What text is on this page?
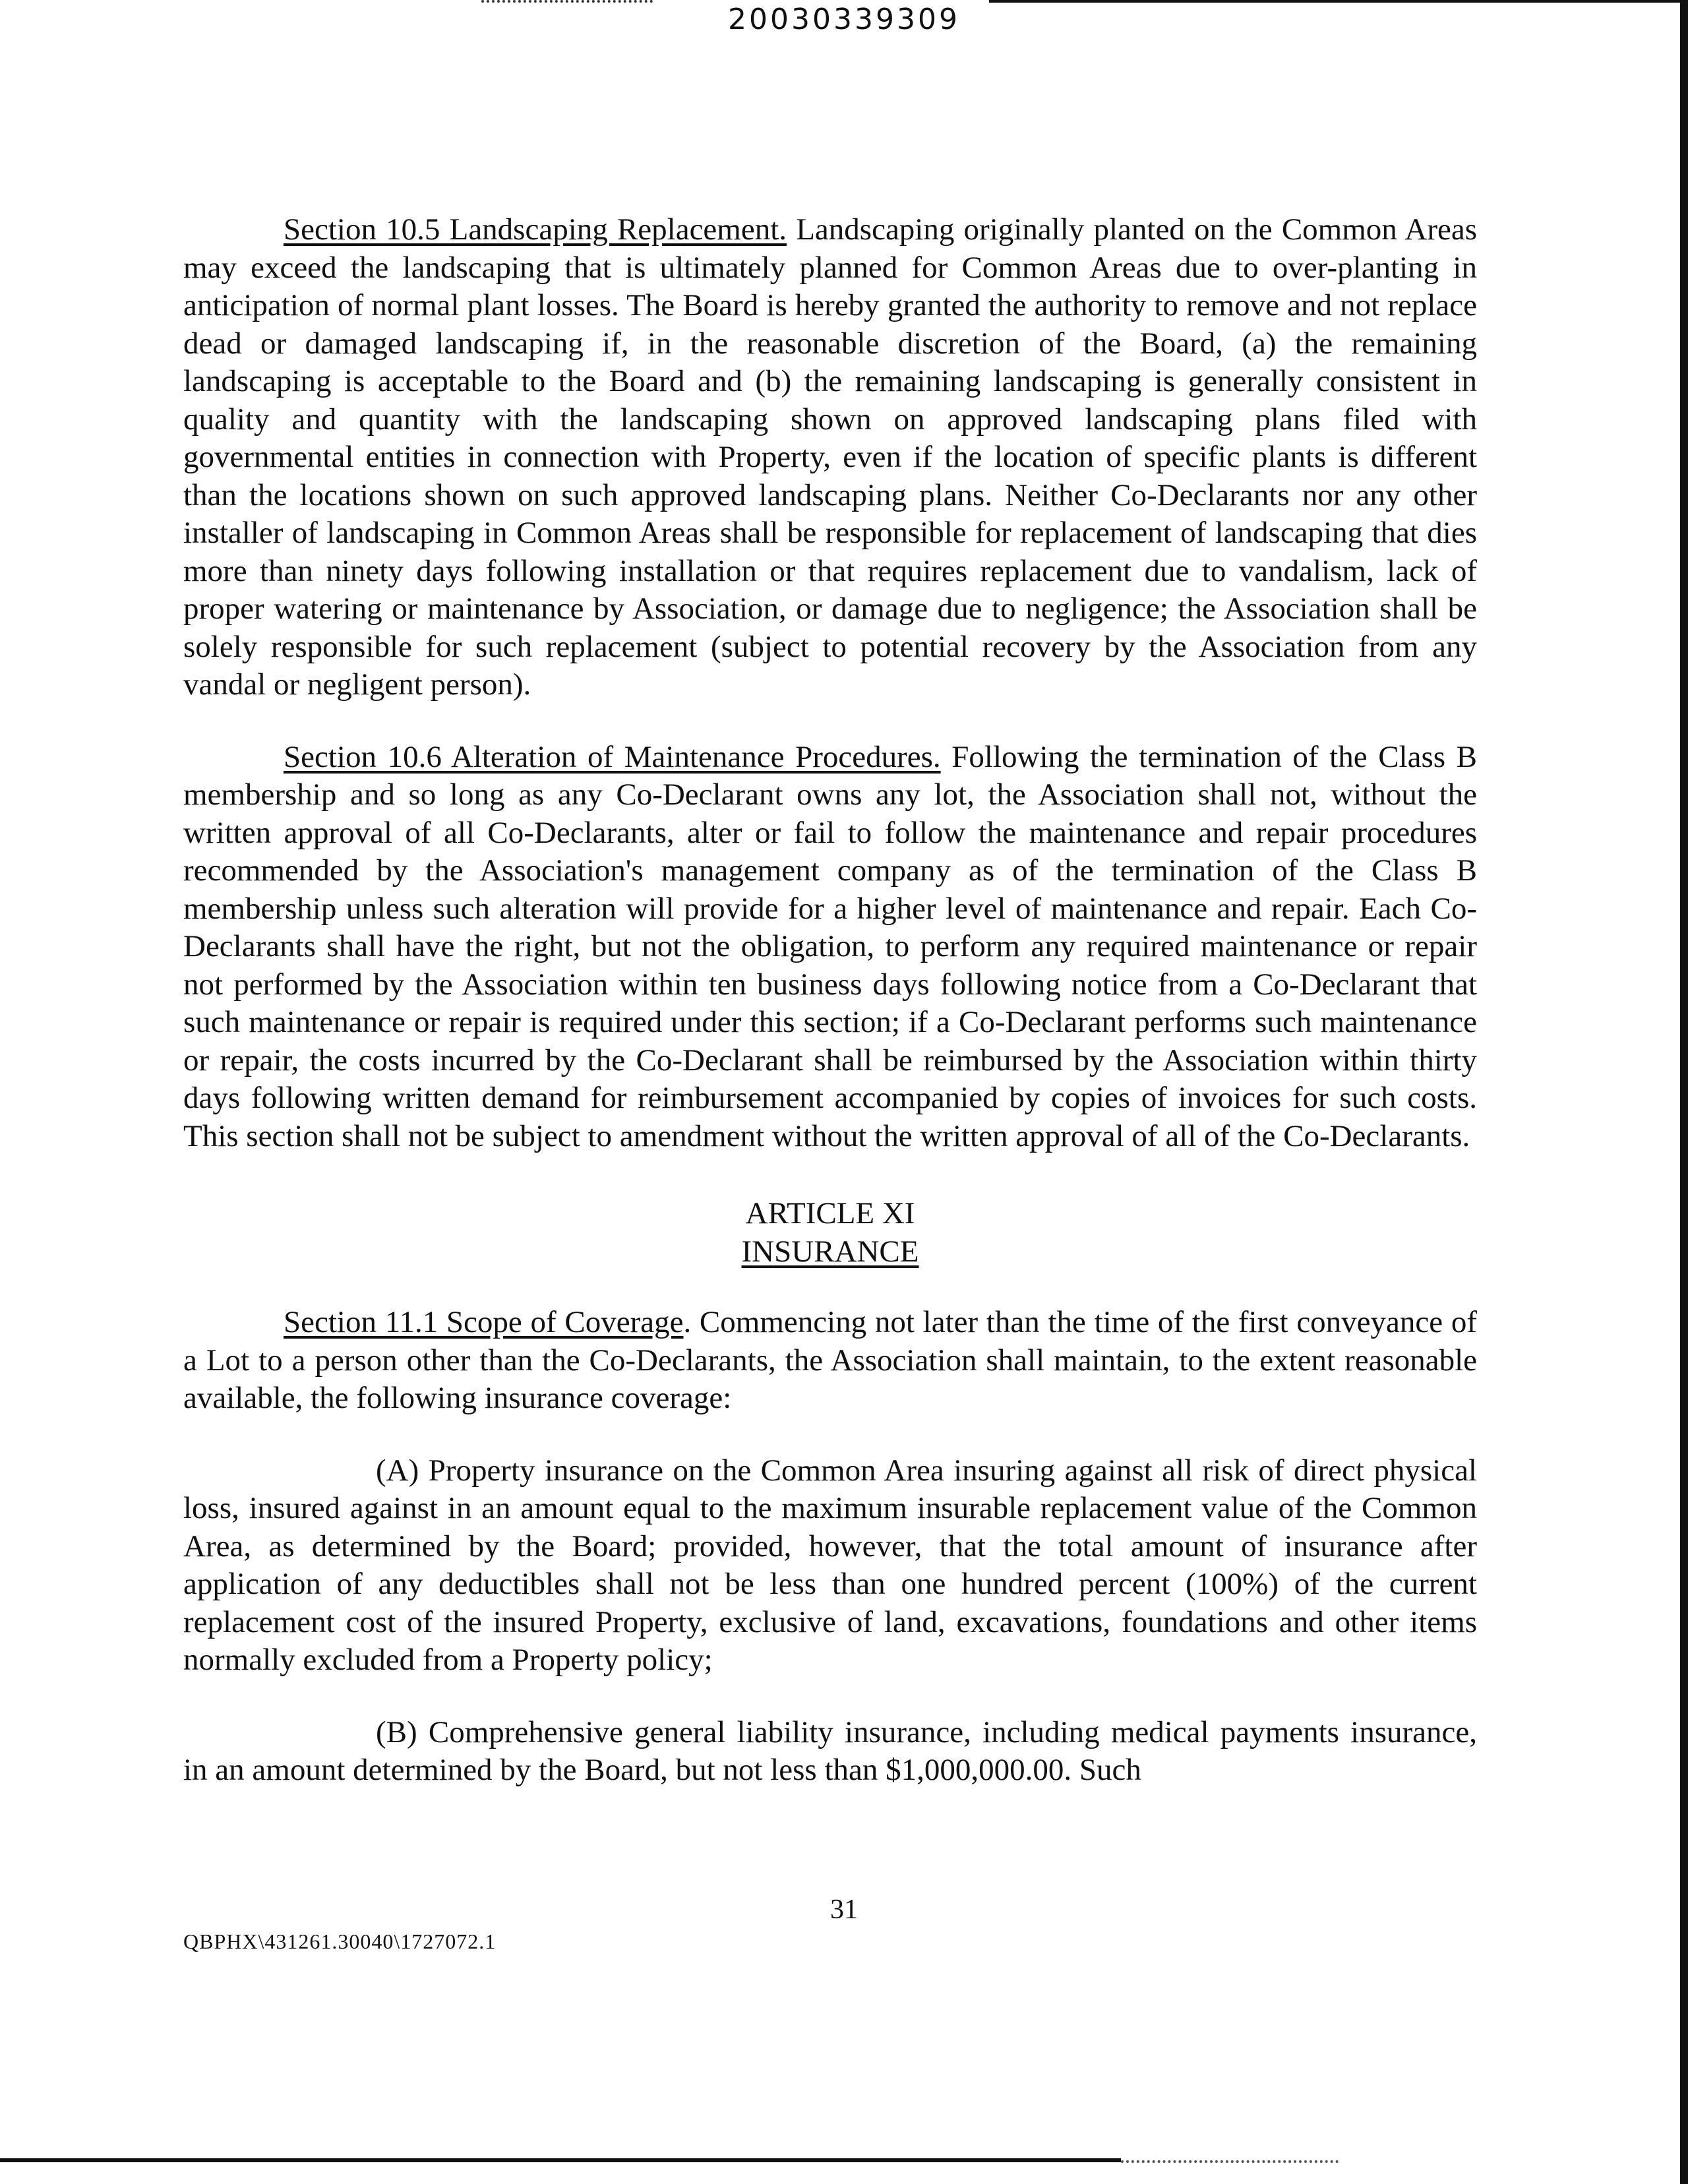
20030339309

Section 10.5 Landscaping Replacement. Landscaping originally planted on the Common Areas may exceed the landscaping that is ultimately planned for Common Areas due to over-planting in anticipation of normal plant losses. The Board is hereby granted the authority to remove and not replace dead or damaged landscaping if, in the reasonable discretion of the Board, (a) the remaining landscaping is acceptable to the Board and (b) the remaining landscaping is generally consistent in quality and quantity with the landscaping shown on approved landscaping plans filed with governmental entities in connection with Property, even if the location of specific plants is different than the locations shown on such approved landscaping plans. Neither Co-Declarants nor any other installer of landscaping in Common Areas shall be responsible for replacement of landscaping that dies more than ninety days following installation or that requires replacement due to vandalism, lack of proper watering or maintenance by Association, or damage due to negligence; the Association shall be solely responsible for such replacement (subject to potential recovery by the Association from any vandal or negligent person).

Section 10.6 Alteration of Maintenance Procedures. Following the termination of the Class B membership and so long as any Co-Declarant owns any lot, the Association shall not, without the written approval of all Co-Declarants, alter or fail to follow the maintenance and repair procedures recommended by the Association's management company as of the termination of the Class B membership unless such alteration will provide for a higher level of maintenance and repair. Each Co-Declarants shall have the right, but not the obligation, to perform any required maintenance or repair not performed by the Association within ten business days following notice from a Co-Declarant that such maintenance or repair is required under this section; if a Co-Declarant performs such maintenance or repair, the costs incurred by the Co-Declarant shall be reimbursed by the Association within thirty days following written demand for reimbursement accompanied by copies of invoices for such costs. This section shall not be subject to amendment without the written approval of all of the Co-Declarants.

ARTICLE XI
INSURANCE

Section 11.1 Scope of Coverage. Commencing not later than the time of the first conveyance of a Lot to a person other than the Co-Declarants, the Association shall maintain, to the extent reasonable available, the following insurance coverage:

(A) Property insurance on the Common Area insuring against all risk of direct physical loss, insured against in an amount equal to the maximum insurable replacement value of the Common Area, as determined by the Board; provided, however, that the total amount of insurance after application of any deductibles shall not be less than one hundred percent (100%) of the current replacement cost of the insured Property, exclusive of land, excavations, foundations and other items normally excluded from a Property policy;

(B) Comprehensive general liability insurance, including medical payments insurance, in an amount determined by the Board, but not less than $1,000,000.00. Such

31
QBPHX\431261.30040\1727072.1
